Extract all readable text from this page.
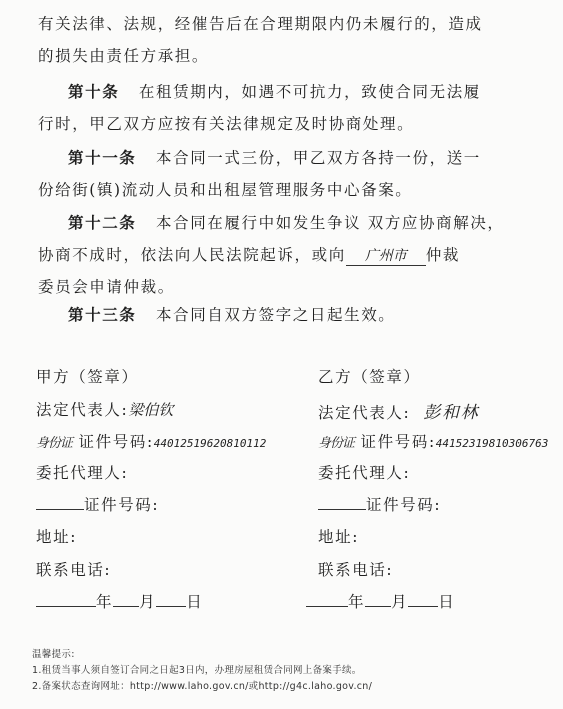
有关法律、法规，经催告后在合理期限内仍未履行的，造成
的损失由责任方承担。
第十条 在租赁期内，如遇不可抗力，致使合同无法履
行时，甲乙双方应按有关法律规定及时协商处理。
第十一条 本合同一式三份，甲乙双方各持一份，送一
份给街(镇)流动人员和出租屋管理服务中心备案。
第十二条 本合同在履行中如发生争议 双方应协商解决，
协商不成时，依法向人民法院起诉，或向 广州市 仲裁
委员会申请仲裁。
第十三条 本合同自双方签字之日起生效。
甲方（签章）
法定代表人:梁伯钦
身份证 证件号码:44012519620810112
委托代理人:
证件号码:
地址:
联系电话:
年 月 日
乙方（签章）
法定代表人: 彭和林
身份证 证件号码:44152319810306763
委托代理人:
证件号码:
地址:
联系电话:
年 月 日
温馨提示:
1.租赁当事人须自签订合同之日起3日内，办理房屋租赁合同网上备案手续。
2.备案状态查询网址：http://www.laho.gov.cn/或http://g4c.laho.gov.cn/
